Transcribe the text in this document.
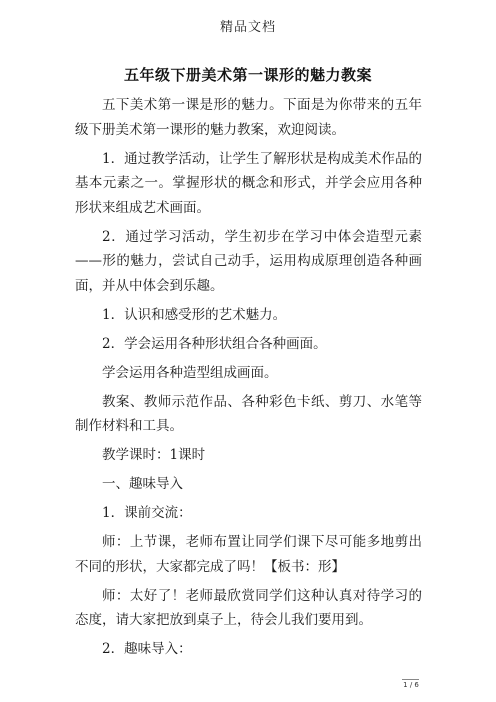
精品文档
五年级下册美术第一课形的魅力教案

五下美术第一课是形的魅力。下面是为你带来的五年级下册美术第一课形的魅力教案，欢迎阅读。

1．通过教学活动，让学生了解形状是构成美术作品的基本元素之一。掌握形状的概念和形式，并学会应用各种形状来组成艺术画面。

2．通过学习活动，学生初步在学习中体会造型元素——形的魅力，尝试自己动手，运用构成原理创造各种画面，并从中体会到乐趣。

1．认识和感受形的艺术魅力。

2．学会运用各种形状组合各种画面。

学会运用各种造型组成画面。

教案、教师示范作品、各种彩色卡纸、剪刀、水笔等制作材料和工具。

教学课时：1课时

一、趣味导入

1．课前交流：

师：上节课，老师布置让同学们课下尽可能多地剪出不同的形状，大家都完成了吗！【板书：形】

师：太好了！老师最欣赏同学们这种认真对待学习的态度，请大家把放到桌子上，待会儿我们要用到。

2．趣味导入：

1 / 6
